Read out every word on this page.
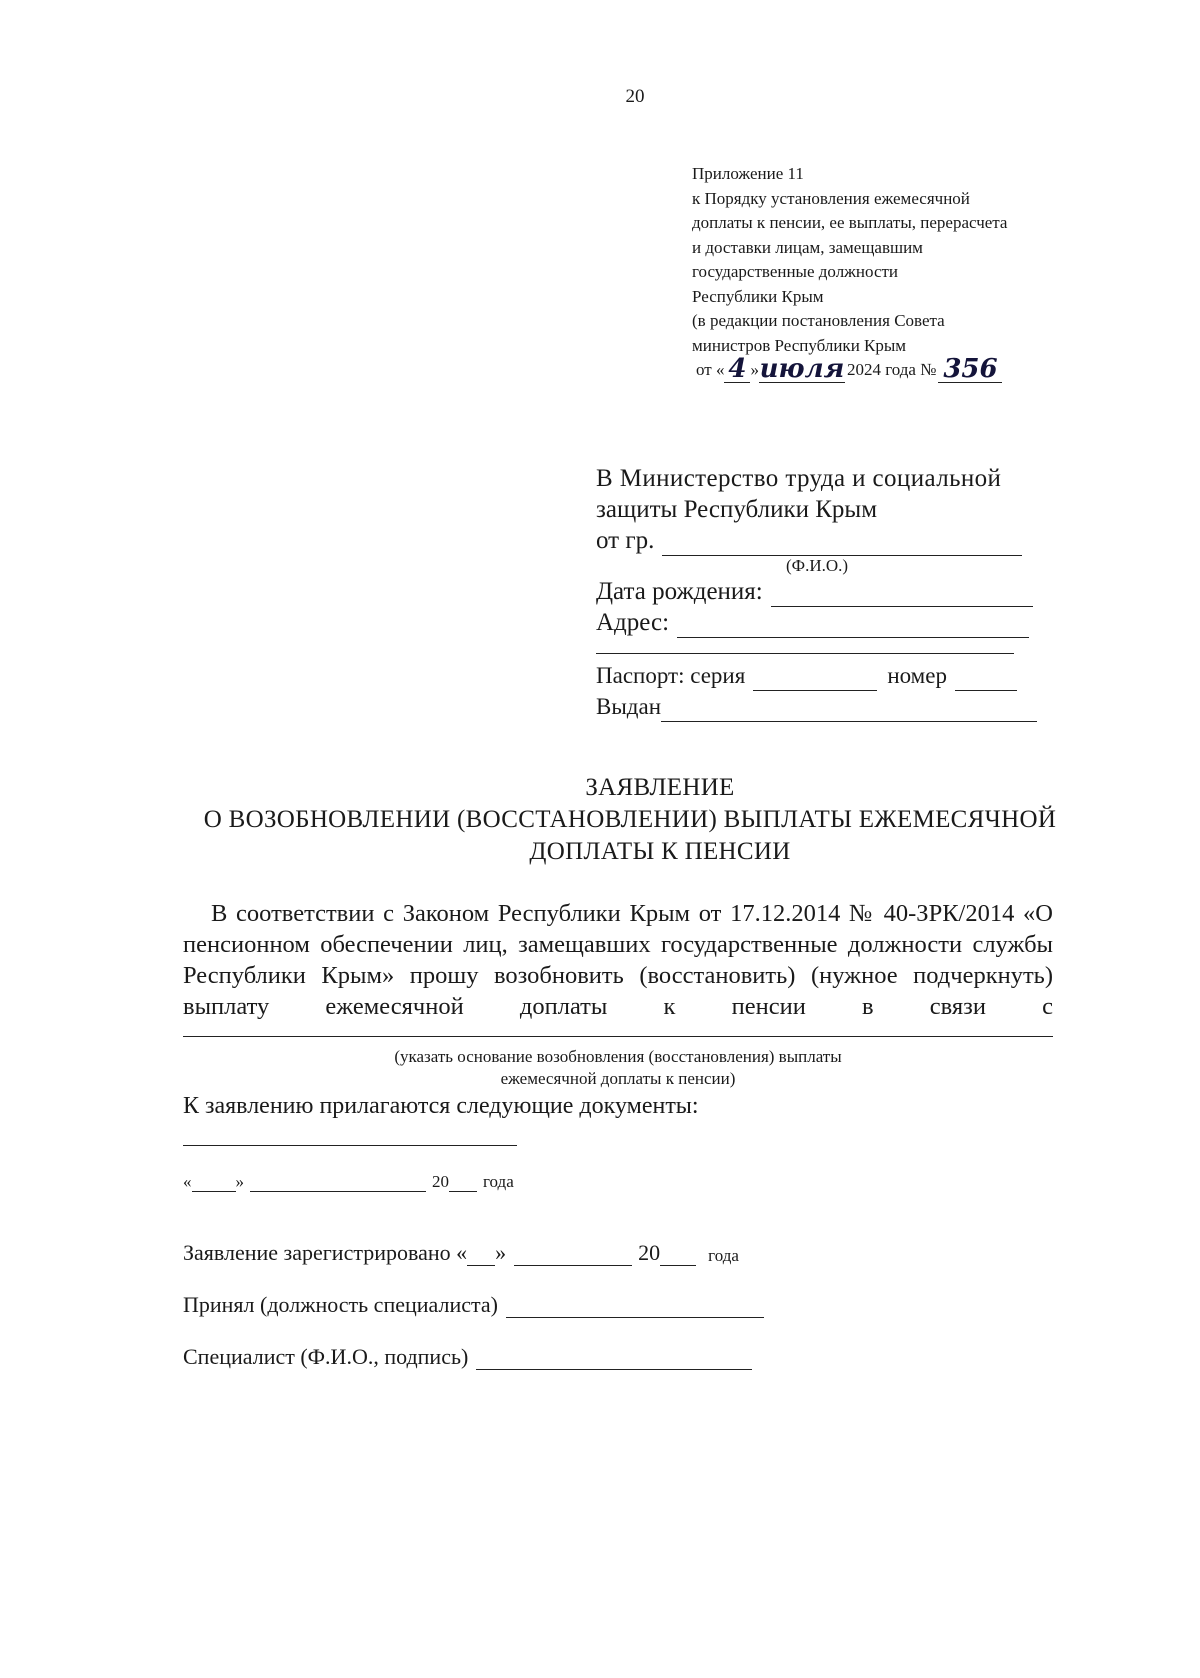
20
Приложение 11
к Порядку установления ежемесячной
доплаты к пенсии, ее выплаты, перерасчета
и доставки лицам, замещавшим
государственные должности
Республики Крым
(в редакции постановления Совета
министров Республики Крым
от « 4 » июля 2024 года № 356
В Министерство труда и социальной
защиты Республики Крым
от гр.
(Ф.И.О.)
Дата рождения:
Адрес:
Паспорт: серия	номер
Выдан
ЗАЯВЛЕНИЕ
О ВОЗОБНОВЛЕНИИ (ВОССТАНОВЛЕНИИ) ВЫПЛАТЫ ЕЖЕМЕСЯЧНОЙ
ДОПЛАТЫ К ПЕНСИИ

В соответствии с Законом Республики Крым от 17.12.2014 № 40-ЗРК/2014 «О пенсионном обеспечении лиц, замещавших государственные должности службы Республики Крым» прошу возобновить (восстановить) (нужное подчеркнуть) выплату ежемесячной доплаты к пенсии в связи с

(указать основание возобновления (восстановления) выплаты
ежемесячной доплаты к пенсии)
К заявлению прилагаются следующие документы:
«	»	20 года
Заявление зарегистрировано « »	20	года
Принял (должность специалиста)
Специалист (Ф.И.О., подпись)
